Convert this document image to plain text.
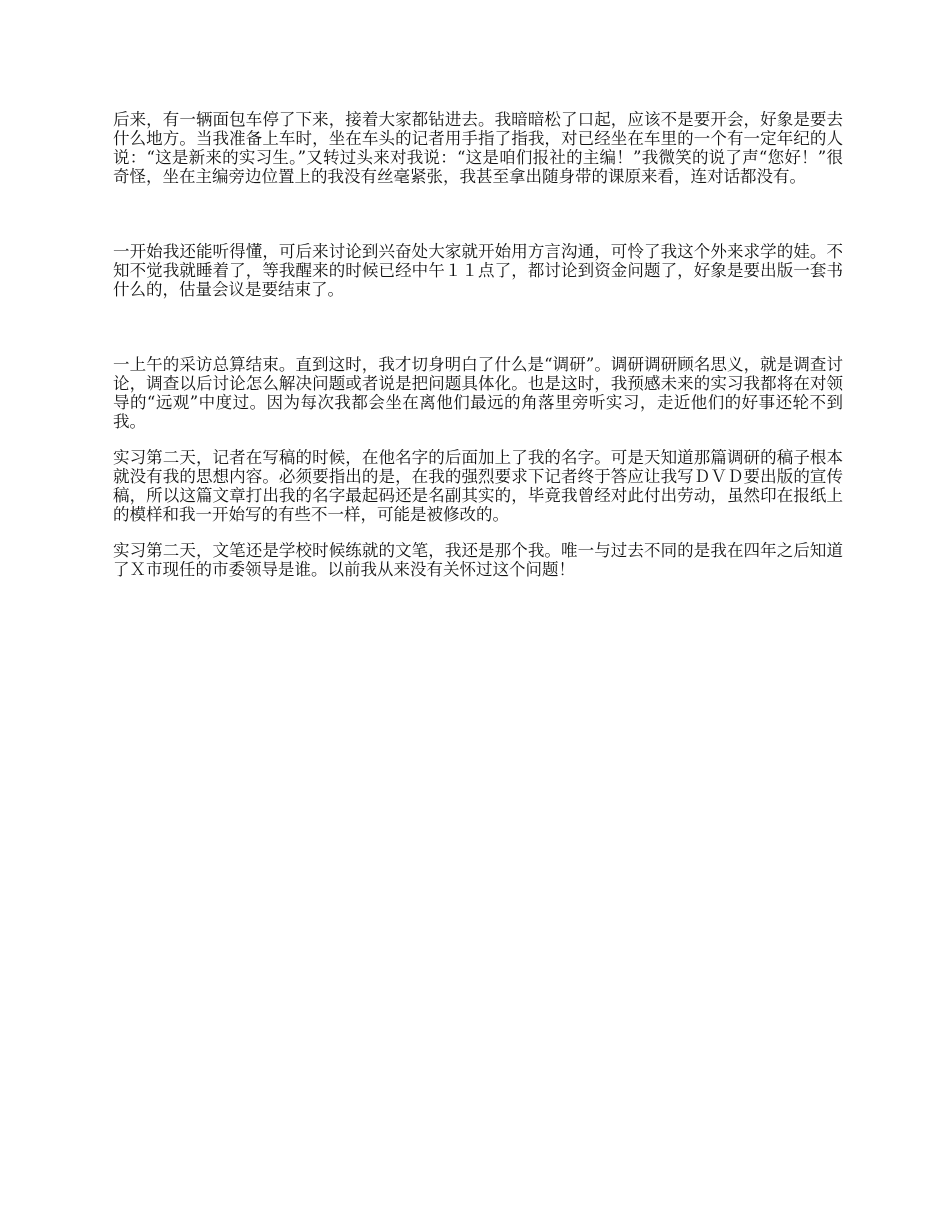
后来，有一辆面包车停了下来，接着大家都钻进去。我暗暗松了口起，应该不是要开会，好象是要去什么地方。当我准备上车时，坐在车头的记者用手指了指我，对已经坐在车里的一个有一定年纪的人说：“这是新来的实习生。”又转过头来对我说：“这是咱们报社的主编！”我微笑的说了声“您好！”很奇怪，坐在主编旁边位置上的我没有丝毫紧张，我甚至拿出随身带的课原来看，连对话都没有。

一开始我还能听得懂，可后来讨论到兴奋处大家就开始用方言沟通，可怜了我这个外来求学的娃。不知不觉我就睡着了，等我醒来的时候已经中午１１点了，都讨论到资金问题了，好象是要出版一套书什么的，估量会议是要结束了。

一上午的采访总算结束。直到这时，我才切身明白了什么是“调研”。调研调研顾名思义，就是调查讨论，调查以后讨论怎么解决问题或者说是把问题具体化。也是这时，我预感未来的实习我都将在对领导的“远观”中度过。因为每次我都会坐在离他们最远的角落里旁听实习，走近他们的好事还轮不到我。

实习第二天，记者在写稿的时候，在他名字的后面加上了我的名字。可是天知道那篇调研的稿子根本就没有我的思想内容。必须要指出的是，在我的强烈要求下记者终于答应让我写ＤＶＤ要出版的宣传稿，所以这篇文章打出我的名字最起码还是名副其实的，毕竟我曾经对此付出劳动，虽然印在报纸上的模样和我一开始写的有些不一样，可能是被修改的。

实习第二天，文笔还是学校时候练就的文笔，我还是那个我。唯一与过去不同的是我在四年之后知道了Ｘ市现任的市委领导是谁。以前我从来没有关怀过这个问题！
